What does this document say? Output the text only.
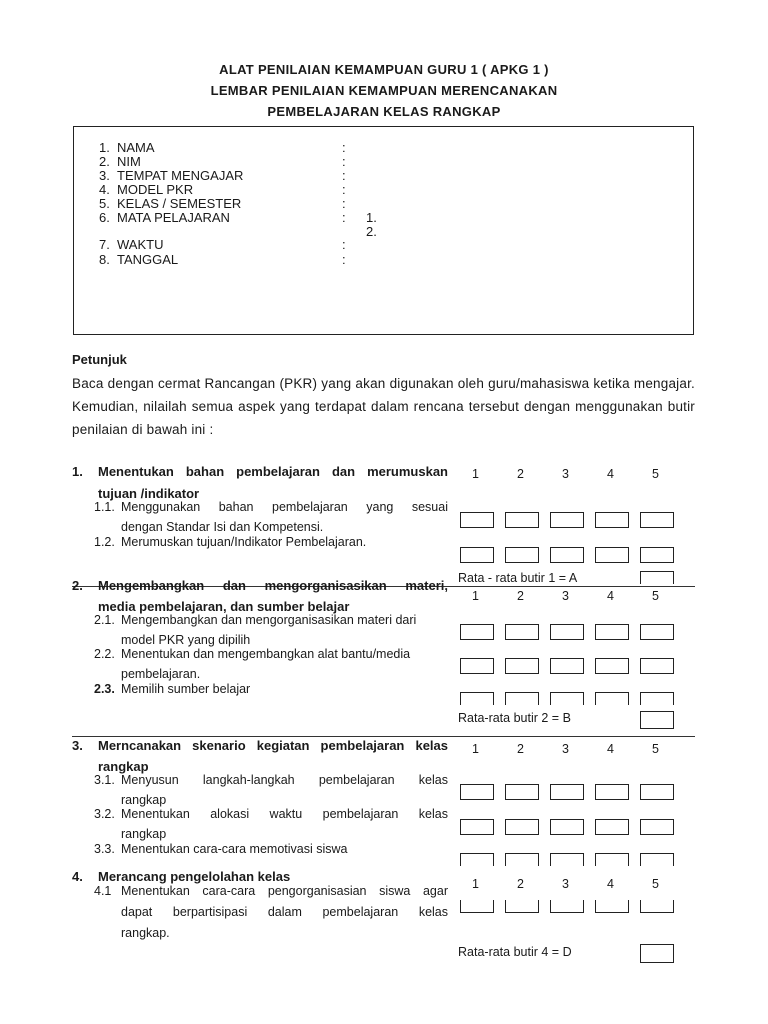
ALAT PENILAIAN KEMAMPUAN GURU 1 ( APKG 1 )
LEMBAR PENILAIAN KEMAMPUAN MERENCANAKAN
PEMBELAJARAN KELAS RANGKAP
1. NAMA	:
2. NIM	:
3. TEMPAT MENGAJAR	:
4. MODEL PKR	:
5. KELAS / SEMESTER	:
6. MATA PELAJARAN	: 1.
2.
7. WAKTU	:
8. TANGGAL	:
Petunjuk
Baca dengan cermat Rancangan (PKR) yang akan digunakan oleh guru/mahasiswa ketika mengajar. Kemudian, nilailah semua aspek yang terdapat dalam rencana tersebut dengan menggunakan butir penilaian di bawah ini :
1. Menentukan bahan pembelajaran dan merumuskan
tujuan /indikator
1.1. Menggunakan bahan pembelajaran yang sesuai
dengan Standar Isi dan Kompetensi.
1.2. Merumuskan tujuan/Indikator Pembelajaran.
1	2	3	4	5
Rata - rata butir 1 = A
2. Mengembangkan dan mengorganisasikan materi,
media pembelajaran, dan sumber belajar
2.1. Mengembangkan dan mengorganisasikan materi dari
model PKR yang dipilih
2.2. Menentukan dan mengembangkan alat bantu/media
pembelajaran.
2.3. Memilih sumber belajar
1	2	3	4	5
Rata-rata butir 2 = B
3. Merncanakan skenario kegiatan pembelajaran kelas
rangkap
3.1. Menyusun langkah-langkah pembelajaran kelas
rangkap
3.2. Menentukan alokasi waktu pembelajaran kelas
rangkap
3.3. Menentukan cara-cara memotivasi siswa
1	2	3	4	5
4. Merancang pengelolahan kelas
4.1 Menentukan cara-cara pengorganisasian siswa agar
dapat berpartisipasi dalam pembelajaran kelas
rangkap.
1	2	3	4	5
Rata-rata butir 4 = D
